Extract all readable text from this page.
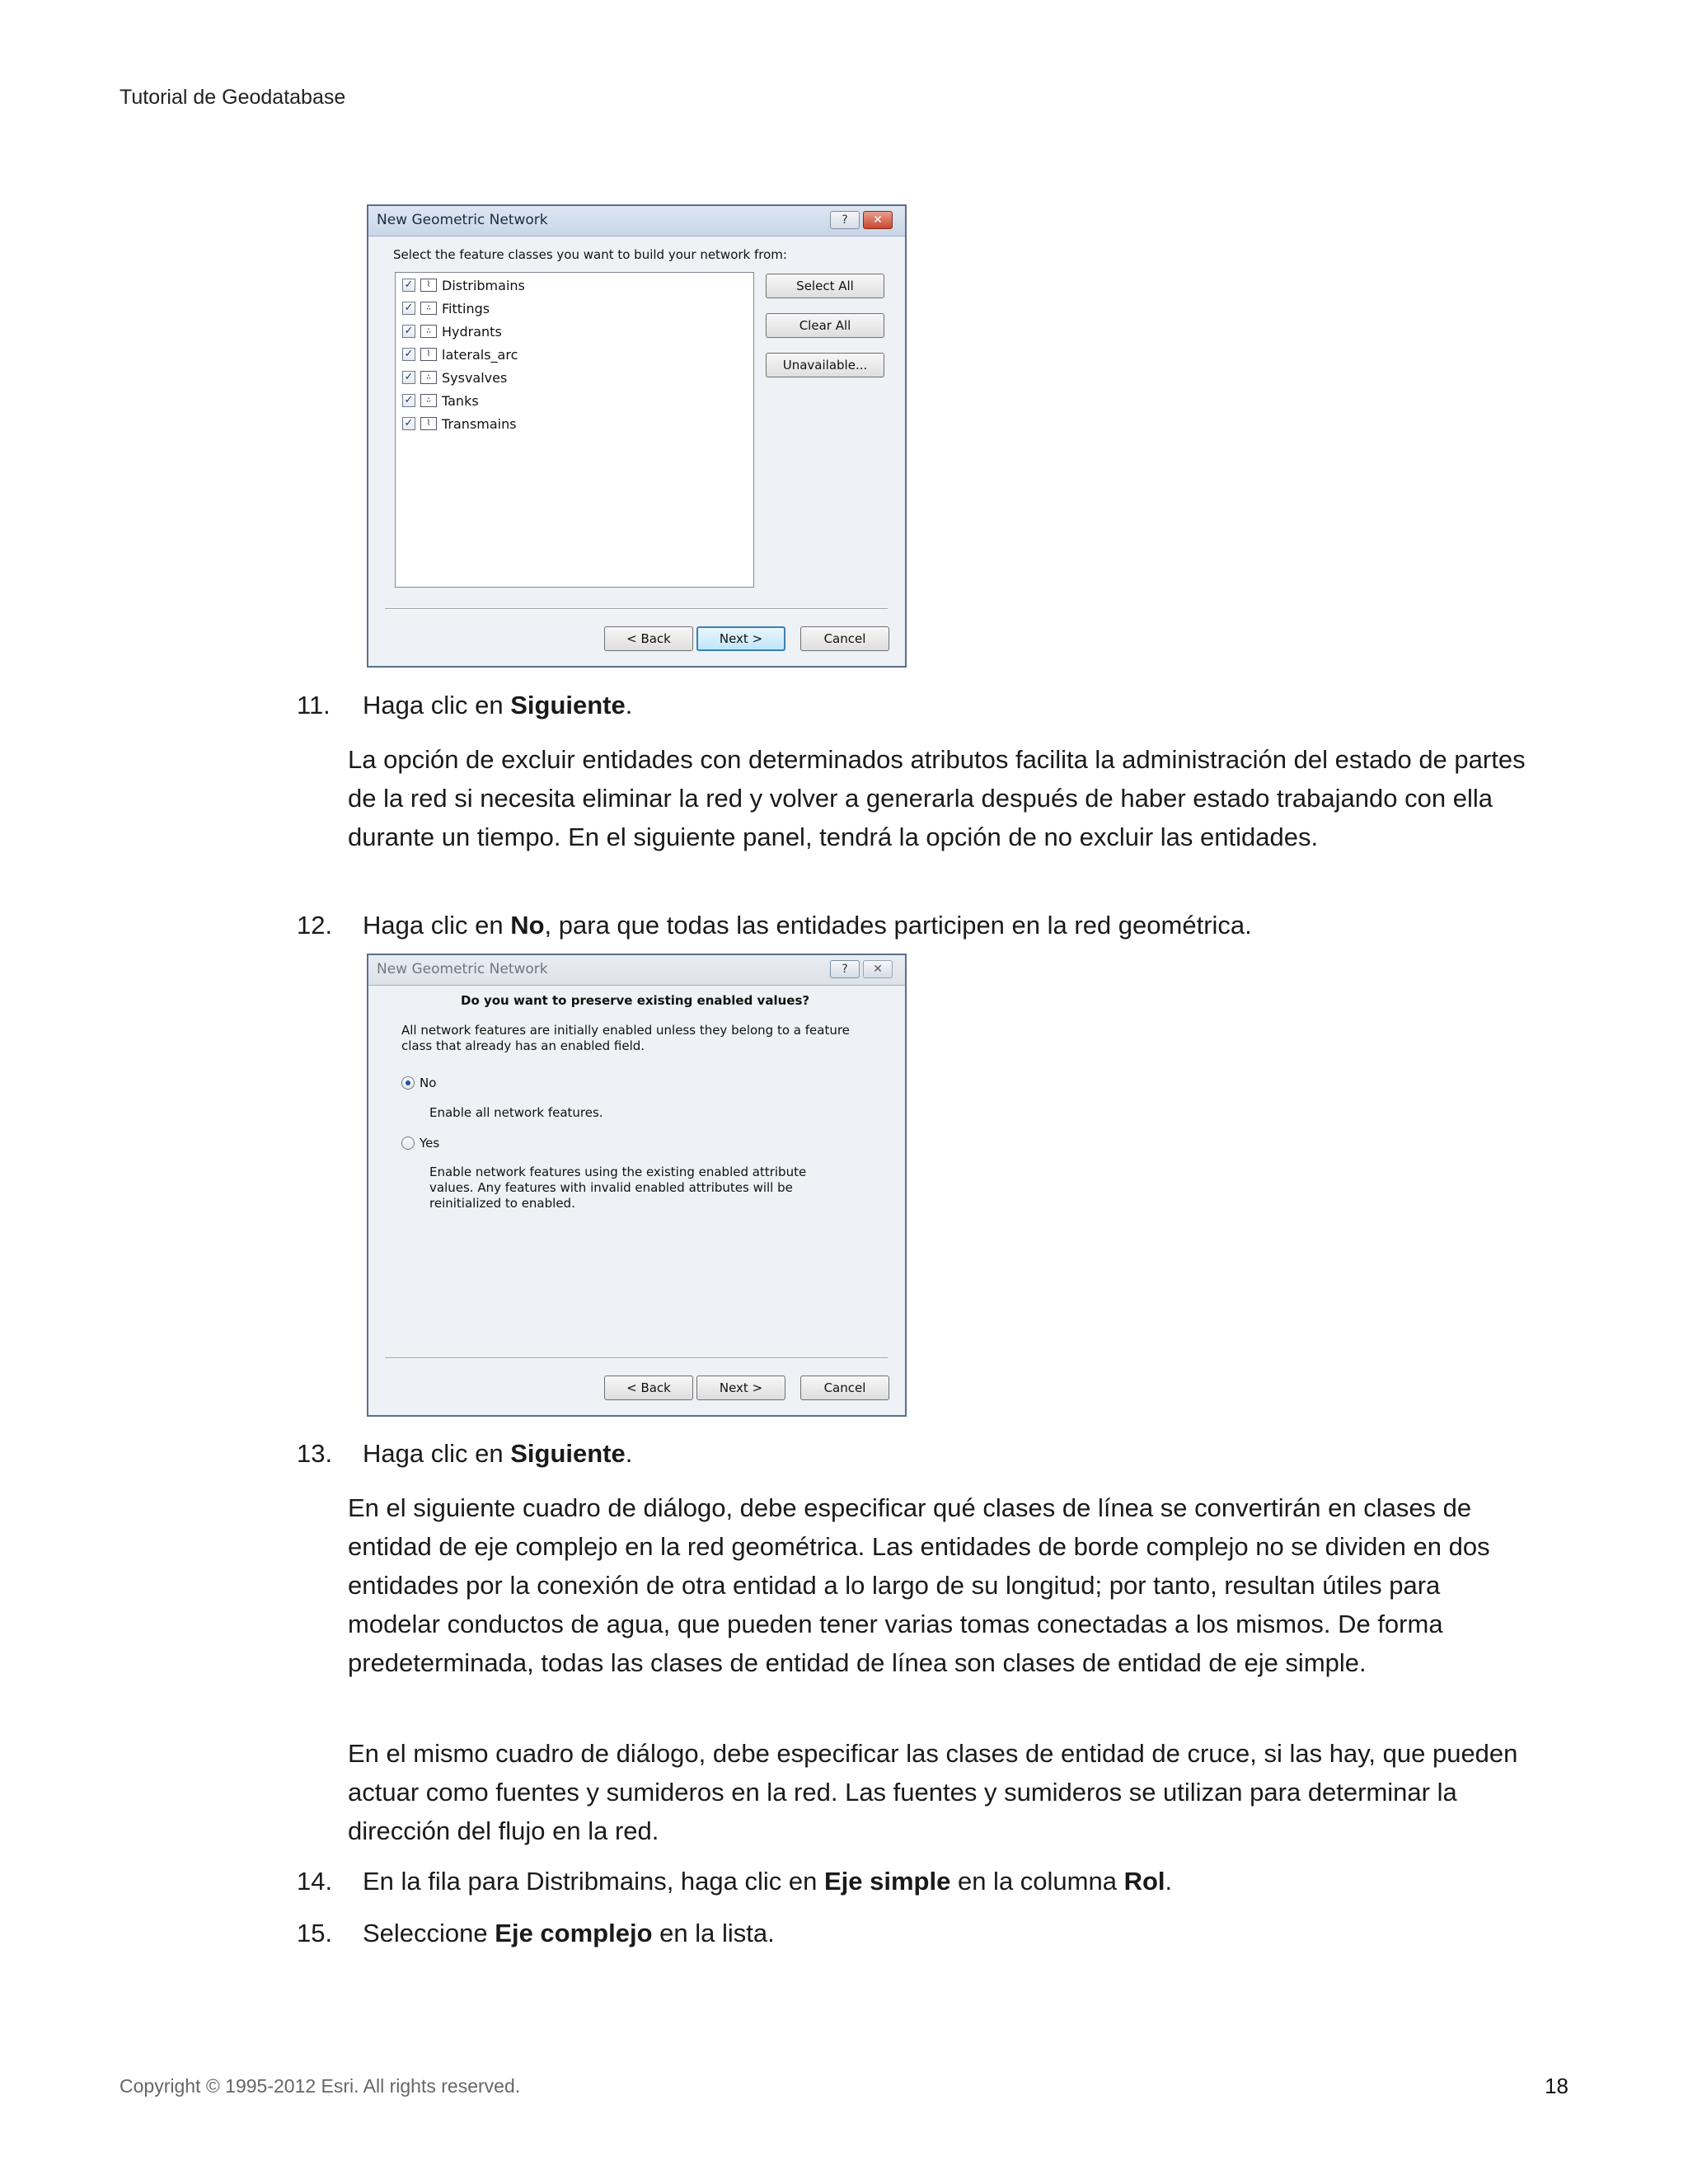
Tutorial de Geodatabase
New Geometric Network	?	✕
Select the feature classes you want to build your network from:
✓	⌇ Distribmains
✓	∴ Fittings
✓	∴ Hydrants
✓	⌇ laterals_arc
✓	∴ Sysvalves
✓	∴ Tanks
✓	⌇ Transmains
Select All
Clear All
Unavailable...
< Back	Next >	Cancel
11. Haga clic en Siguiente.
La opción de excluir entidades con determinados atributos facilita la administración del estado de partes de la red si necesita eliminar la red y volver a generarla después de haber estado trabajando con ella durante un tiempo. En el siguiente panel, tendrá la opción de no excluir las entidades.
12. Haga clic en No, para que todas las entidades participen en la red geométrica.
New Geometric Network	?	✕
Do you want to preserve existing enabled values?
All network features are initially enabled unless they belong to a feature
class that already has an enabled field.
No
Enable all network features.
Yes
Enable network features using the existing enabled attribute
values. Any features with invalid enabled attributes will be
reinitialized to enabled.
< Back	Next >	Cancel
13. Haga clic en Siguiente.
En el siguiente cuadro de diálogo, debe especificar qué clases de línea se convertirán en clases de entidad de eje complejo en la red geométrica. Las entidades de borde complejo no se dividen en dos entidades por la conexión de otra entidad a lo largo de su longitud; por tanto, resultan útiles para modelar conductos de agua, que pueden tener varias tomas conectadas a los mismos. De forma predeterminada, todas las clases de entidad de línea son clases de entidad de eje simple.
En el mismo cuadro de diálogo, debe especificar las clases de entidad de cruce, si las hay, que pueden actuar como fuentes y sumideros en la red. Las fuentes y sumideros se utilizan para determinar la dirección del flujo en la red.
14. En la fila para Distribmains, haga clic en Eje simple en la columna Rol.
15. Seleccione Eje complejo en la lista.
Copyright © 1995-2012 Esri. All rights reserved.	18
